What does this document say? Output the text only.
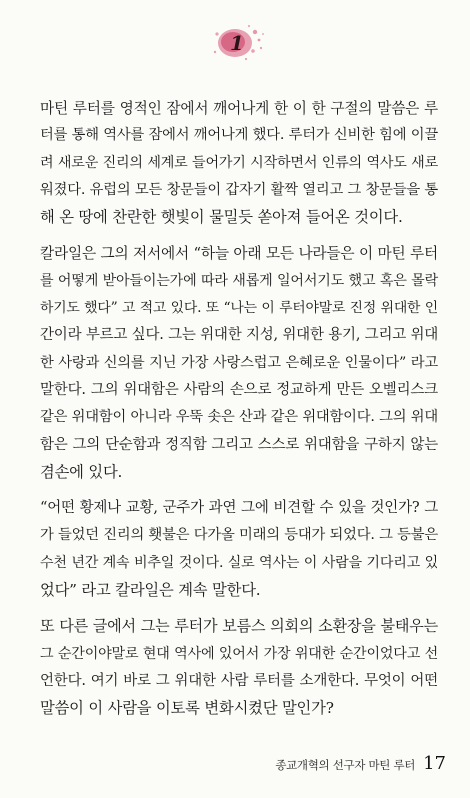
1

마틴 루터를 영적인 잠에서 깨어나게 한 이 한 구절의 말씀은 루
터를 통해 역사를 잠에서 깨어나게 했다. 루터가 신비한 힘에 이끌
려 새로운 진리의 세계로 들어가기 시작하면서 인류의 역사도 새로
워졌다. 유럽의 모든 창문들이 갑자기 활짝 열리고 그 창문들을 통
해 온 땅에 찬란한 햇빛이 물밀듯 쏟아져 들어온 것이다.

칼라일은 그의 저서에서 “하늘 아래 모든 나라들은 이 마틴 루터
를 어떻게 받아들이는가에 따라 새롭게 일어서기도 했고 혹은 몰락
하기도 했다” 고 적고 있다. 또 “나는 이 루터야말로 진정 위대한 인
간이라 부르고 싶다. 그는 위대한 지성, 위대한 용기, 그리고 위대
한 사랑과 신의를 지닌 가장 사랑스럽고 은혜로운 인물이다” 라고
말한다. 그의 위대함은 사람의 손으로 정교하게 만든 오벨리스크
같은 위대함이 아니라 우뚝 솟은 산과 같은 위대함이다. 그의 위대
함은 그의 단순함과 정직함 그리고 스스로 위대함을 구하지 않는
겸손에 있다.

“어떤 황제나 교황, 군주가 과연 그에 비견할 수 있을 것인가? 그
가 들었던 진리의 횃불은 다가올 미래의 등대가 되었다. 그 등불은
수천 년간 계속 비추일 것이다. 실로 역사는 이 사람을 기다리고 있
었다” 라고 칼라일은 계속 말한다.

또 다른 글에서 그는 루터가 보름스 의회의 소환장을 불태우는
그 순간이야말로 현대 역사에 있어서 가장 위대한 순간이었다고 선
언한다. 여기 바로 그 위대한 사람 루터를 소개한다. 무엇이 어떤
말씀이 이 사람을 이토록 변화시켰단 말인가?

종교개혁의 선구자 마틴 루터 17
